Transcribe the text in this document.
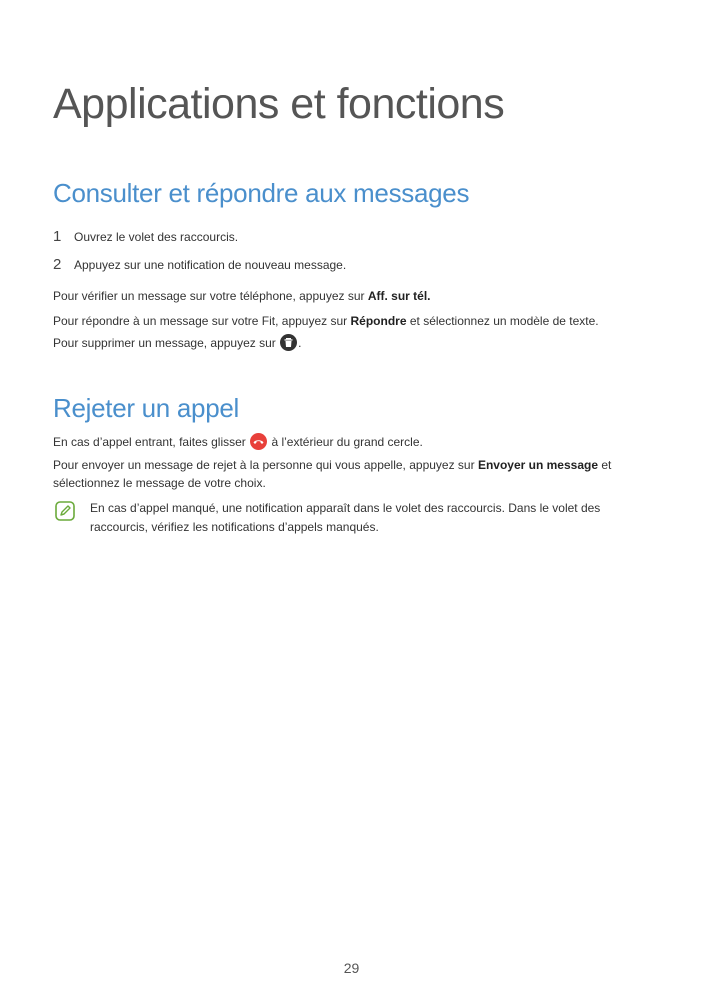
Applications et fonctions
Consulter et répondre aux messages
1 Ouvrez le volet des raccourcis.
2 Appuyez sur une notification de nouveau message.
Pour vérifier un message sur votre téléphone, appuyez sur Aff. sur tél.
Pour répondre à un message sur votre Fit, appuyez sur Répondre et sélectionnez un modèle de texte.
Pour supprimer un message, appuyez sur
.
Rejeter un appel
En cas d’appel entrant, faites glisser
à l’extérieur du grand cercle.
Pour envoyer un message de rejet à la personne qui vous appelle, appuyez sur Envoyer un message et sélectionnez le message de votre choix.
En cas d’appel manqué, une notification apparaît dans le volet des raccourcis. Dans le volet des raccourcis, vérifiez les notifications d’appels manqués.
29
